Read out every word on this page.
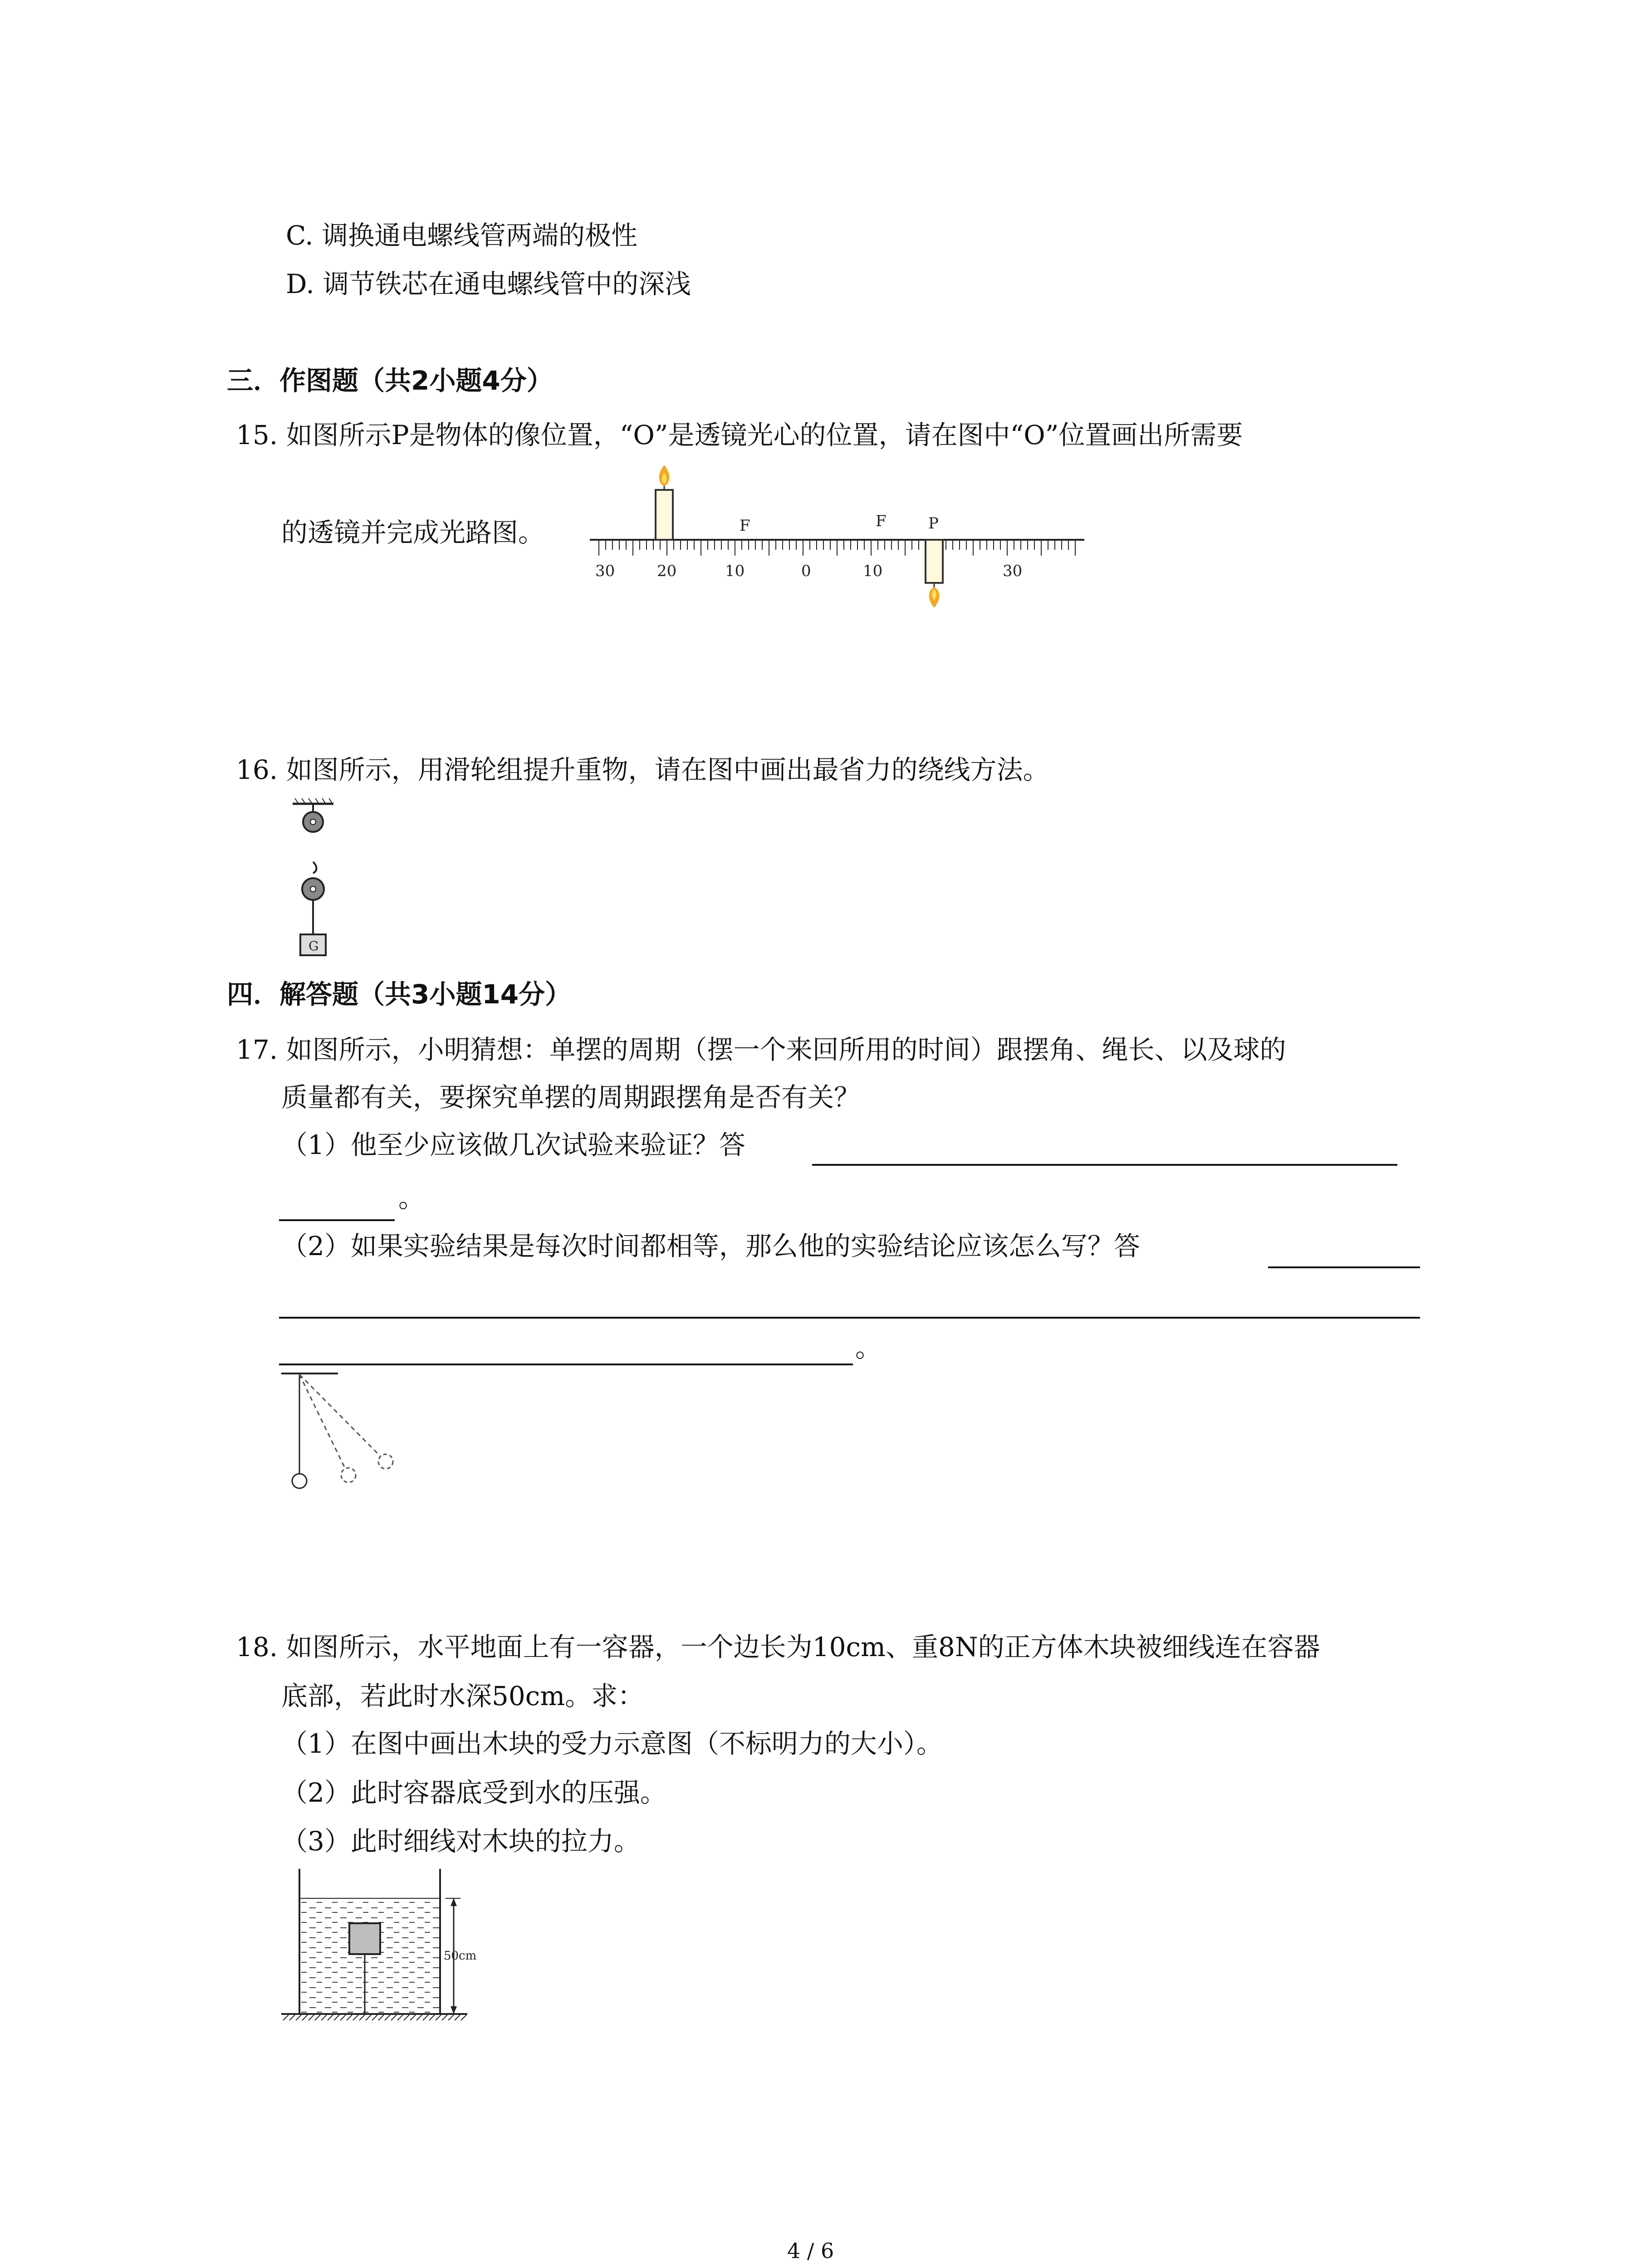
C. 调换通电螺线管两端的极性
D. 调节铁芯在通电螺线管中的深浅
三．作图题（共2小题4分）
15. 如图所示P是物体的像位置，“O”是透镜光心的位置，请在图中“O”位置画出所需要
的透镜并完成光路图。	F	F	P
30	20	10	0	10	30
16. 如图所示，用滑轮组提升重物，请在图中画出最省力的绕线方法。
G
四．解答题（共3小题14分）
17. 如图所示，小明猜想：单摆的周期（摆一个来回所用的时间）跟摆角、绳长、以及球的
质量都有关，要探究单摆的周期跟摆角是否有关？
（1）他至少应该做几次试验来验证？答
。
（2）如果实验结果是每次时间都相等，那么他的实验结论应该怎么写？答
。
18. 如图所示，水平地面上有一容器，一个边长为10cm、重8N的正方体木块被细线连在容器
底部，若此时水深50cm。求：
（1）在图中画出木块的受力示意图（不标明力的大小）。
（2）此时容器底受到水的压强。
（3）此时细线对木块的拉力。
50cm
4 / 6
